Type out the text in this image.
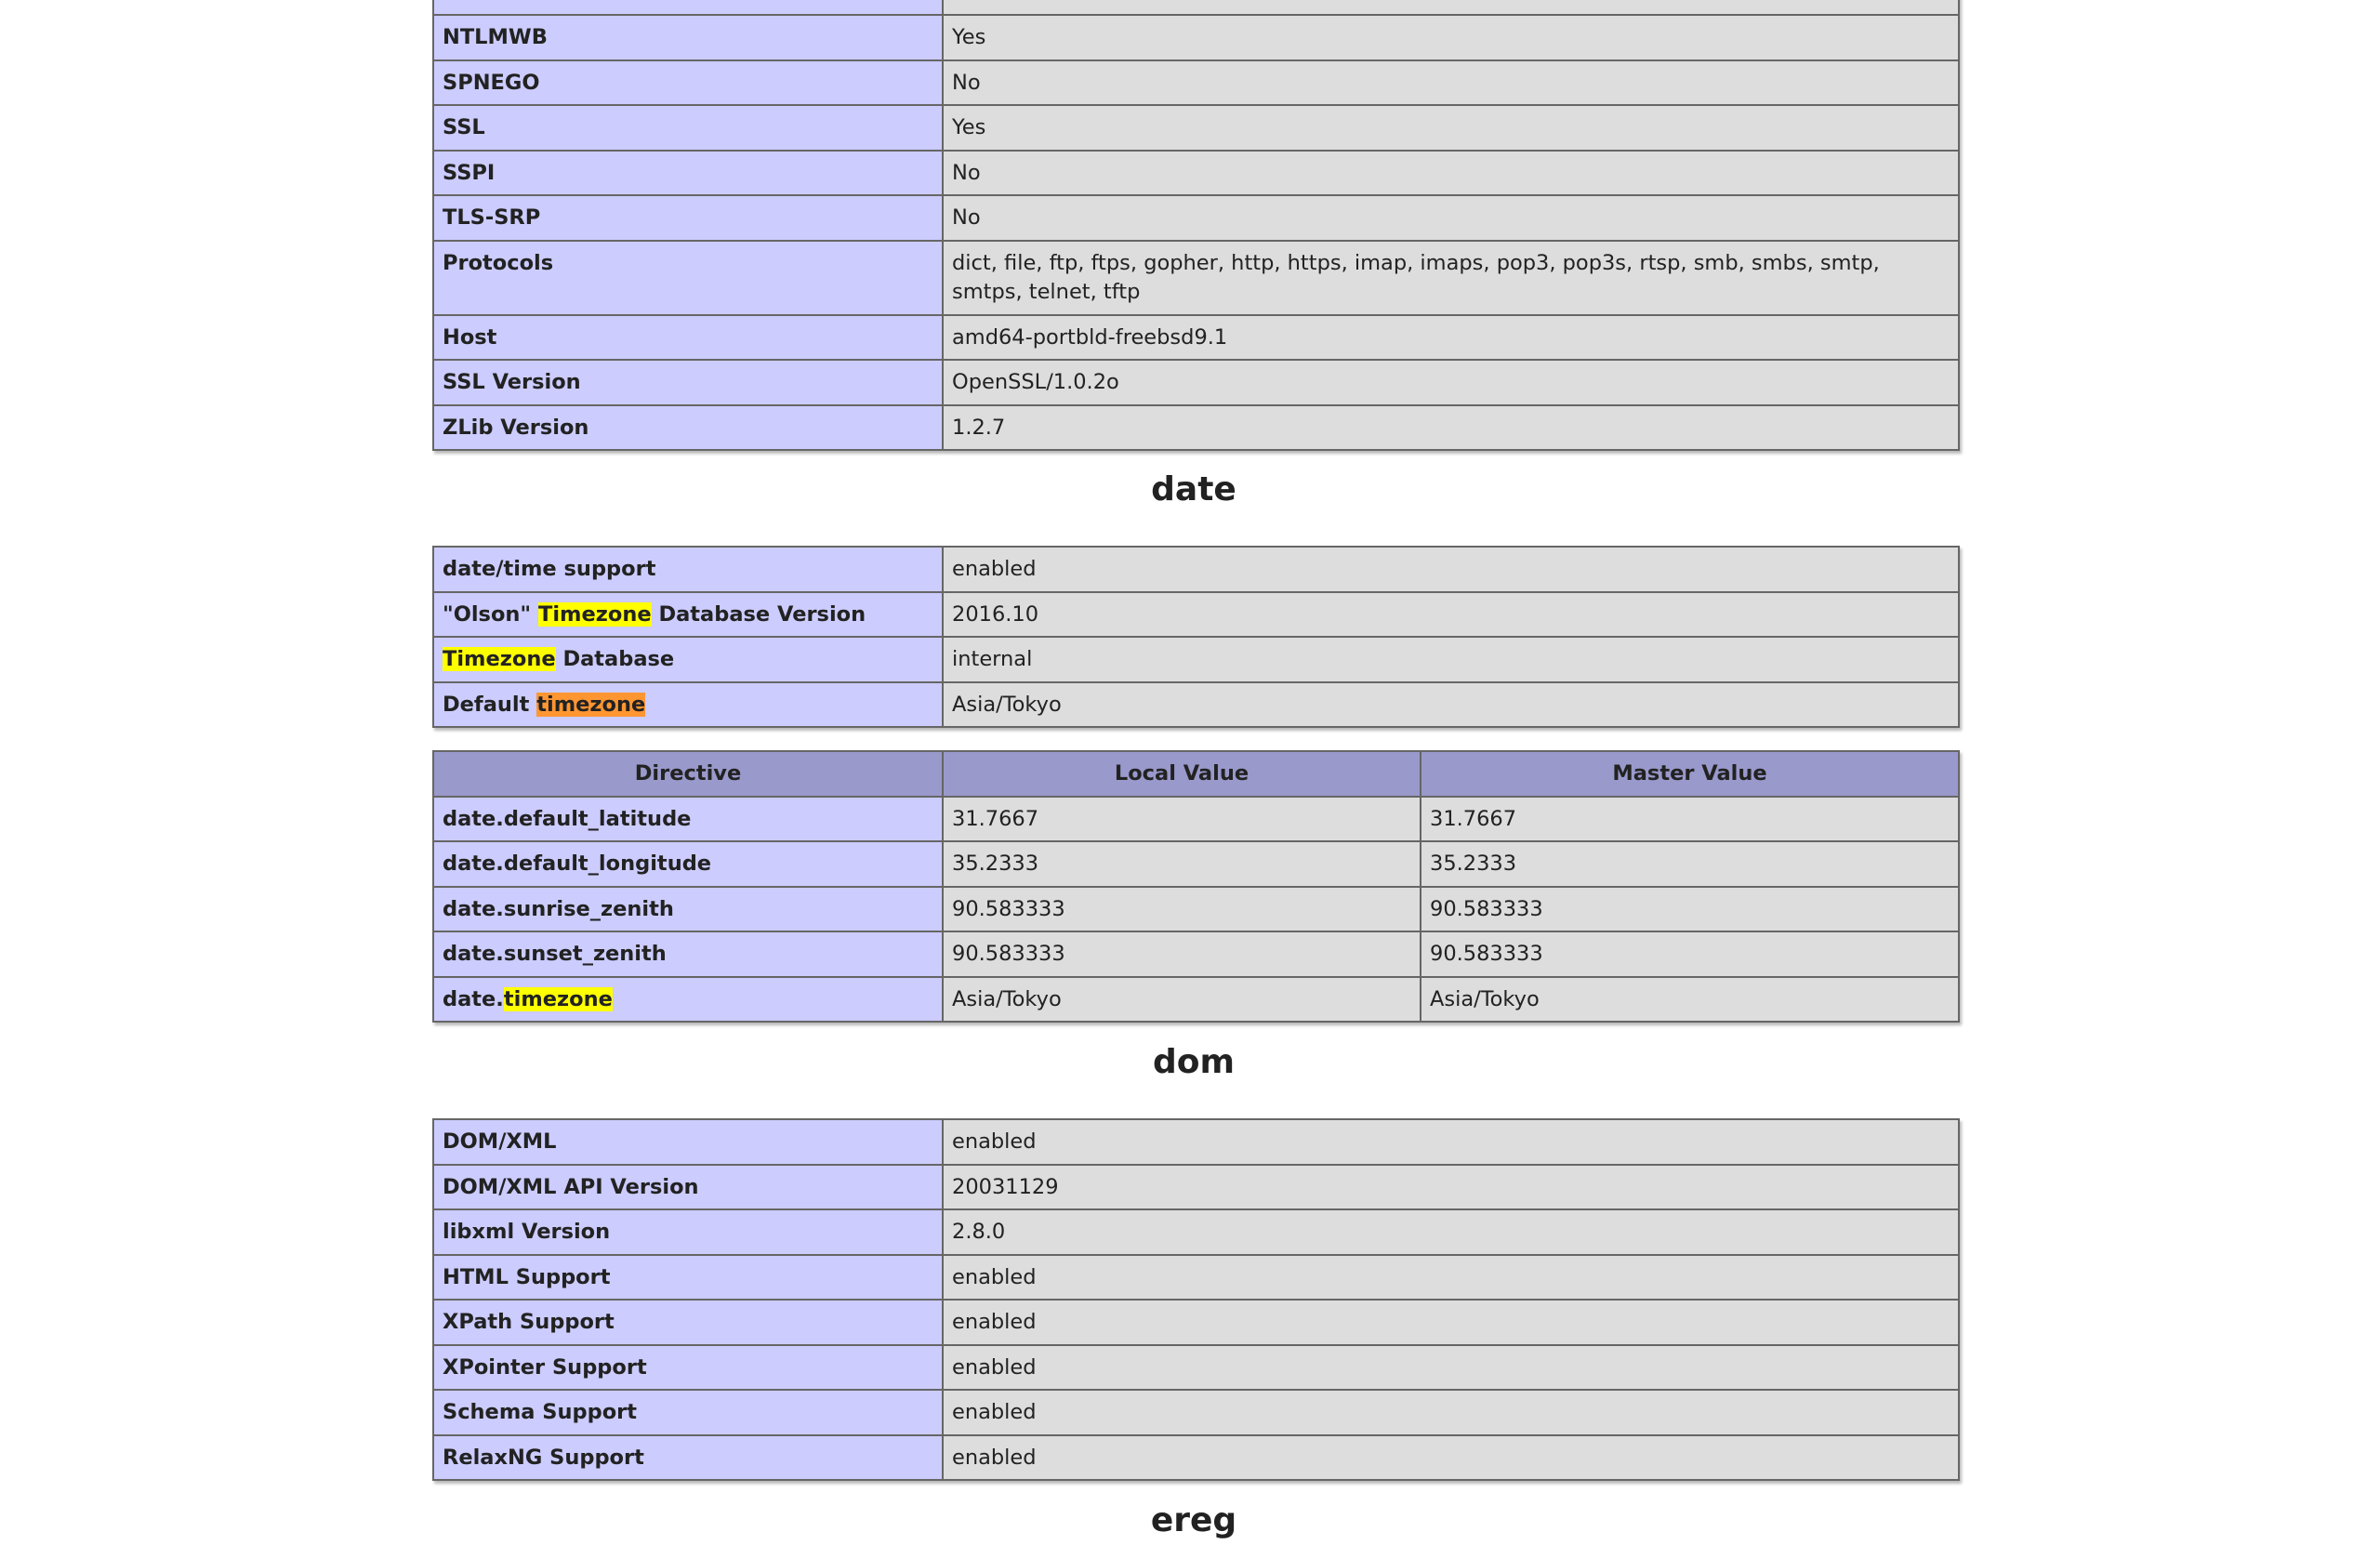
NTLMWB	Yes
SPNEGO	No
SSL	Yes
SSPI	No
TLS-SRP	No
Protocols	dict, file, ftp, ftps, gopher, http, https, imap, imaps, pop3, pop3s, rtsp, smb, smbs, smtp, smtps, telnet, tftp
Host	amd64-portbld-freebsd9.1
SSL Version	OpenSSL/1.0.2o
ZLib Version	1.2.7
date
date/time support	enabled
"Olson" Timezone Database Version	2016.10
Timezone Database	internal
Default timezone	Asia/Tokyo
Directive	Local Value	Master Value
date.default_latitude	31.7667	31.7667
date.default_longitude	35.2333	35.2333
date.sunrise_zenith	90.583333	90.583333
date.sunset_zenith	90.583333	90.583333
date.timezone	Asia/Tokyo	Asia/Tokyo
dom
DOM/XML	enabled
DOM/XML API Version	20031129
libxml Version	2.8.0
HTML Support	enabled
XPath Support	enabled
XPointer Support	enabled
Schema Support	enabled
RelaxNG Support	enabled
ereg
